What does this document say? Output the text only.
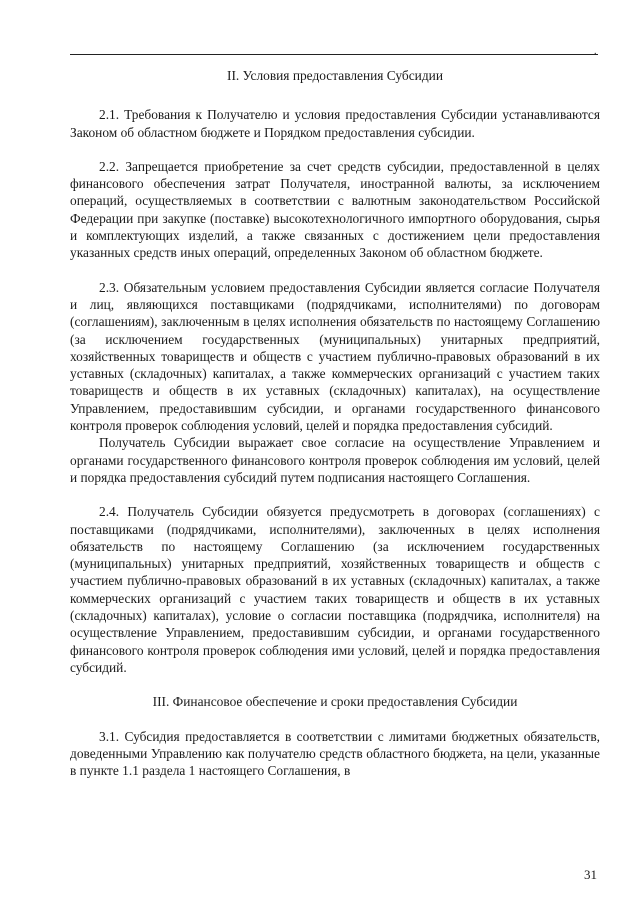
.

II. Условия предоставления Субсидии

2.1. Требования к Получателю и условия предоставления Субсидии устанавливаются Законом об областном бюджете и Порядком предоставления субсидии.

2.2. Запрещается приобретение за счет средств субсидии, предоставленной в целях финансового обеспечения затрат Получателя, иностранной валюты, за исключением операций, осуществляемых в соответствии с валютным законодательством Российской Федерации при закупке (поставке) высокотехнологичного импортного оборудования, сырья и комплектующих изделий, а также связанных с достижением цели предоставления указанных средств иных операций, определенных Законом об областном бюджете.

2.3. Обязательным условием предоставления Субсидии является согласие Получателя и лиц, являющихся поставщиками (подрядчиками, исполнителями) по договорам (соглашениям), заключенным в целях исполнения обязательств по настоящему Соглашению (за исключением государственных (муниципальных) унитарных предприятий, хозяйственных товариществ и обществ с участием публично-правовых образований в их уставных (складочных) капиталах, а также коммерческих организаций с участием таких товариществ и обществ в их уставных (складочных) капиталах), на осуществление Управлением, предоставившим субсидии, и органами государственного финансового контроля проверок соблюдения условий, целей и порядка предоставления субсидий.

Получатель Субсидии выражает свое согласие на осуществление Управлением и органами государственного финансового контроля проверок соблюдения им условий, целей и порядка предоставления субсидий путем подписания настоящего Соглашения.

2.4. Получатель Субсидии обязуется предусмотреть в договорах (соглашениях) с поставщиками (подрядчиками, исполнителями), заключенных в целях исполнения обязательств по настоящему Соглашению (за исключением государственных (муниципальных) унитарных предприятий, хозяйственных товариществ и обществ с участием публично-правовых образований в их уставных (складочных) капиталах, а также коммерческих организаций с участием таких товариществ и обществ в их уставных (складочных) капиталах), условие о согласии поставщика (подрядчика, исполнителя) на осуществление Управлением, предоставившим субсидии, и органами государственного финансового контроля проверок соблюдения ими условий, целей и порядка предоставления субсидий.

III. Финансовое обеспечение и сроки предоставления Субсидии

3.1. Субсидия предоставляется в соответствии с лимитами бюджетных обязательств, доведенными Управлению как получателю средств областного бюджета, на цели, указанные в пункте 1.1 раздела 1 настоящего Соглашения, в

31
